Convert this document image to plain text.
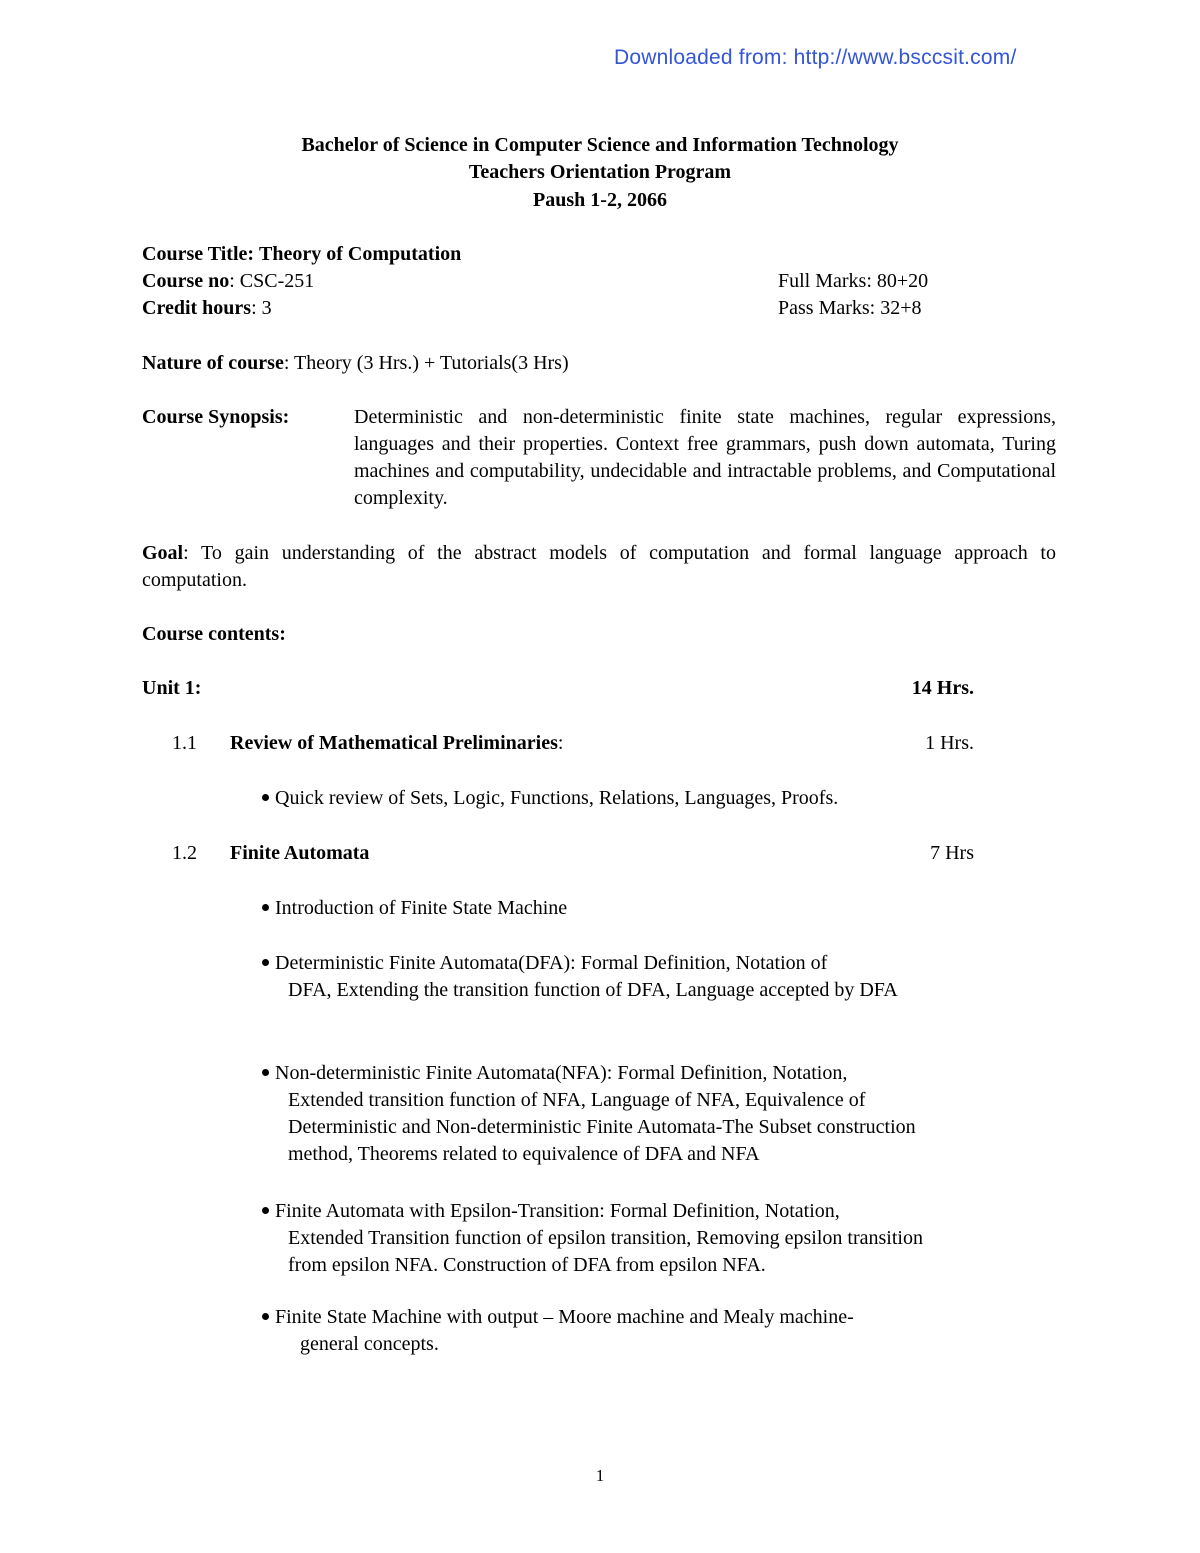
Downloaded from: http://www.bsccsit.com/
Bachelor of Science in Computer Science and Information Technology
Teachers Orientation Program
Paush 1-2, 2066
Course Title: Theory of Computation
Course no: CSC-251	Full Marks: 80+20
Credit hours: 3	Pass Marks: 32+8
Nature of course: Theory (3 Hrs.) + Tutorials(3 Hrs)
Course Synopsis:	Deterministic and non-deterministic finite state machines, regular expressions, languages and their properties. Context free grammars, push down automata, Turing machines and computability, undecidable and intractable problems, and Computational complexity.
Goal: To gain understanding of the abstract models of computation and formal language approach to computation.
Course contents:
Unit 1:	14 Hrs.
1.1 Review of Mathematical Preliminaries:	1 Hrs.
Quick review of Sets, Logic, Functions, Relations, Languages, Proofs.
1.2 Finite Automata	7 Hrs
Introduction of Finite State Machine
Deterministic Finite Automata(DFA): Formal Definition, Notation of
DFA, Extending the transition function of DFA, Language accepted by DFA
Non-deterministic Finite Automata(NFA): Formal Definition, Notation,
Extended transition function of NFA, Language of NFA, Equivalence of Deterministic and Non-deterministic Finite Automata-The Subset construction method, Theorems related to equivalence of DFA and NFA
Finite Automata with Epsilon-Transition: Formal Definition, Notation,
Extended Transition function of epsilon transition, Removing epsilon transition from epsilon NFA. Construction of DFA from epsilon NFA.
Finite State Machine with output – Moore machine and Mealy machine-
general concepts.
1
